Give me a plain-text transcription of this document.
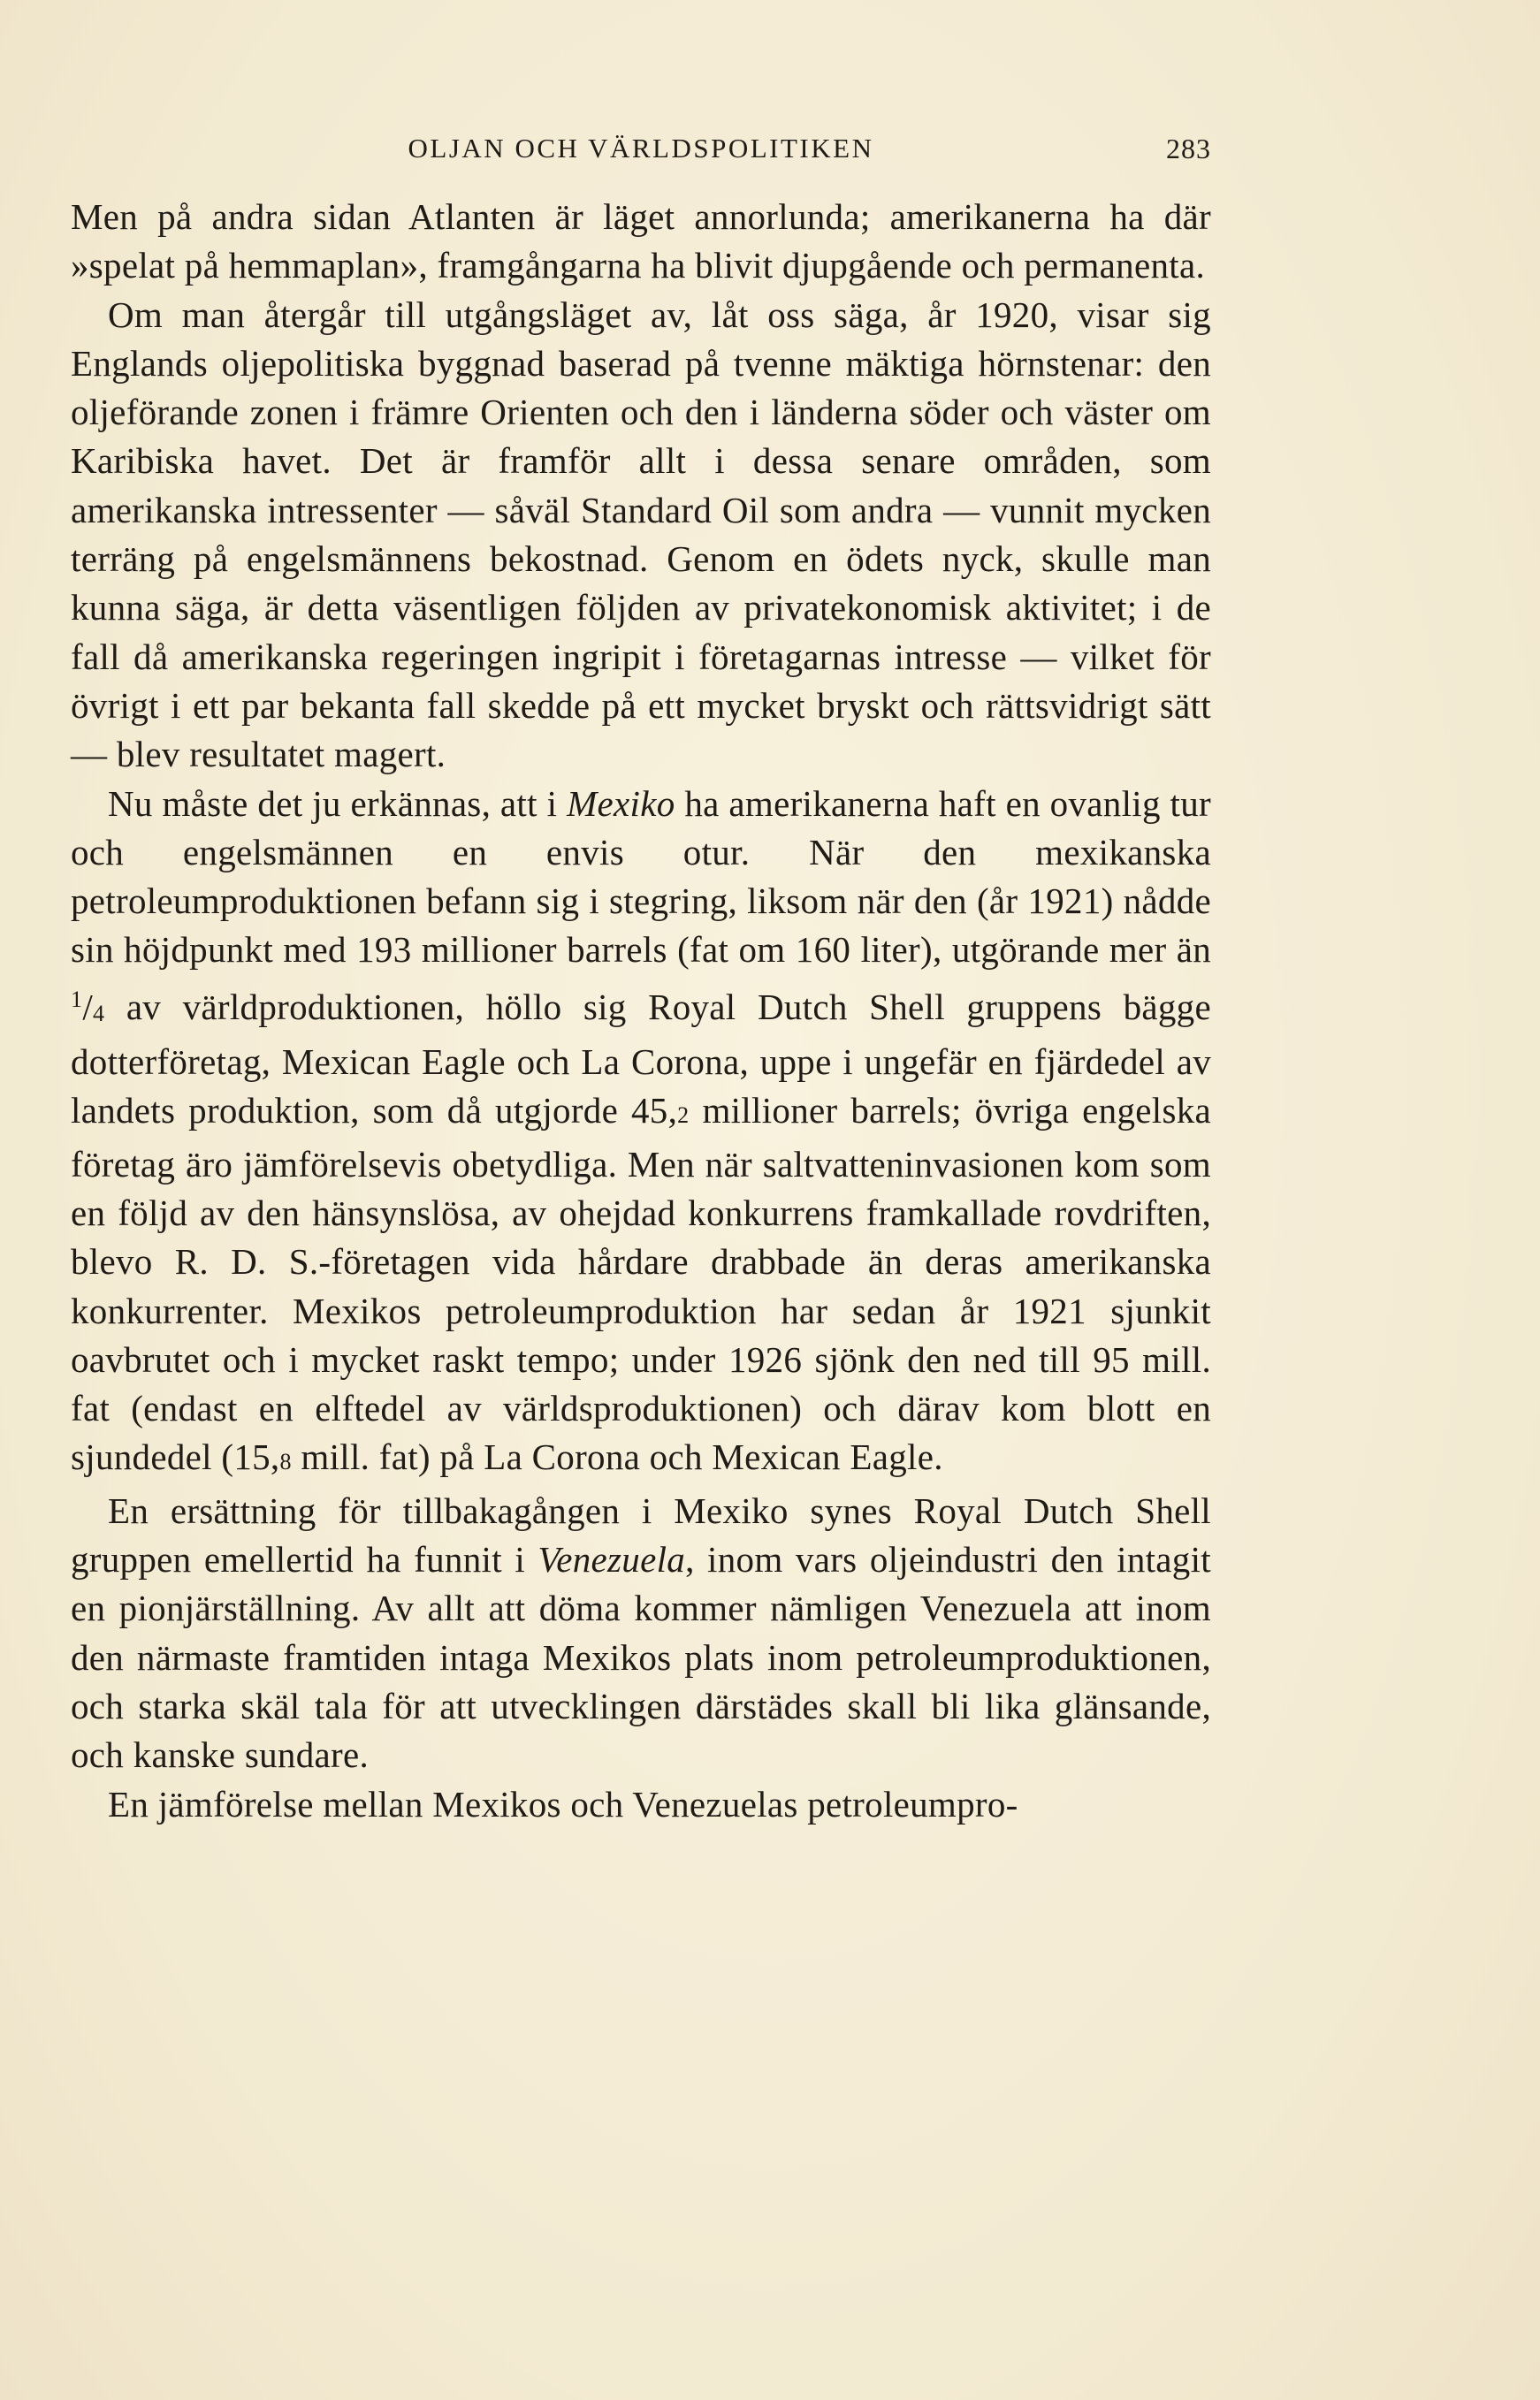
OLJAN OCH VÄRLDSPOLITIKEN	283

Men på andra sidan Atlanten är läget annorlunda; amerikanerna ha där »spelat på hemmaplan», framgångarna ha blivit djupgående och permanenta.

Om man återgår till utgångsläget av, låt oss säga, år 1920, visar sig Englands oljepolitiska byggnad baserad på tvenne mäktiga hörnstenar: den oljeförande zonen i främre Orienten och den i länderna söder och väster om Karibiska havet. Det är framför allt i dessa senare områden, som amerikanska intressenter — såväl Standard Oil som andra — vunnit mycken terräng på engelsmännens bekostnad. Genom en ödets nyck, skulle man kunna säga, är detta väsentligen följden av privatekonomisk aktivitet; i de fall då amerikanska regeringen ingripit i företagarnas intresse — vilket för övrigt i ett par bekanta fall skedde på ett mycket bryskt och rättsvidrigt sätt — blev resultatet magert.

Nu måste det ju erkännas, att i Mexiko ha amerikanerna haft en ovanlig tur och engelsmännen en envis otur. När den mexikanska petroleumproduktionen befann sig i stegring, liksom när den (år 1921) nådde sin höjdpunkt med 193 millioner barrels (fat om 160 liter), utgörande mer än $^1$/4 av världproduktionen, höllo sig Royal Dutch Shell gruppens bägge dotterföretag, Mexican Eagle och La Corona, uppe i ungefär en fjärdedel av landets produktion, som då utgjorde 45,2 millioner barrels; övriga engelska företag äro jämförelsevis obetydliga. Men när saltvatteninvasionen kom som en följd av den hänsynslösa, av ohejdad konkurrens framkallade rovdriften, blevo R. D. S.-företagen vida hårdare drabbade än deras amerikanska konkurrenter. Mexikos petroleumproduktion har sedan år 1921 sjunkit oavbrutet och i mycket raskt tempo; under 1926 sjönk den ned till 95 mill. fat (endast en elftedel av världsproduktionen) och därav kom blott en sjundedel (15,8 mill. fat) på La Corona och Mexican Eagle.

En ersättning för tillbakagången i Mexiko synes Royal Dutch Shell gruppen emellertid ha funnit i Venezuela, inom vars oljeindustri den intagit en pionjärställning. Av allt att döma kommer nämligen Venezuela att inom den närmaste framtiden intaga Mexikos plats inom petroleumproduktionen, och starka skäl tala för att utvecklingen därstädes skall bli lika glänsande, och kanske sundare.

En jämförelse mellan Mexikos och Venezuelas petroleumpro-
